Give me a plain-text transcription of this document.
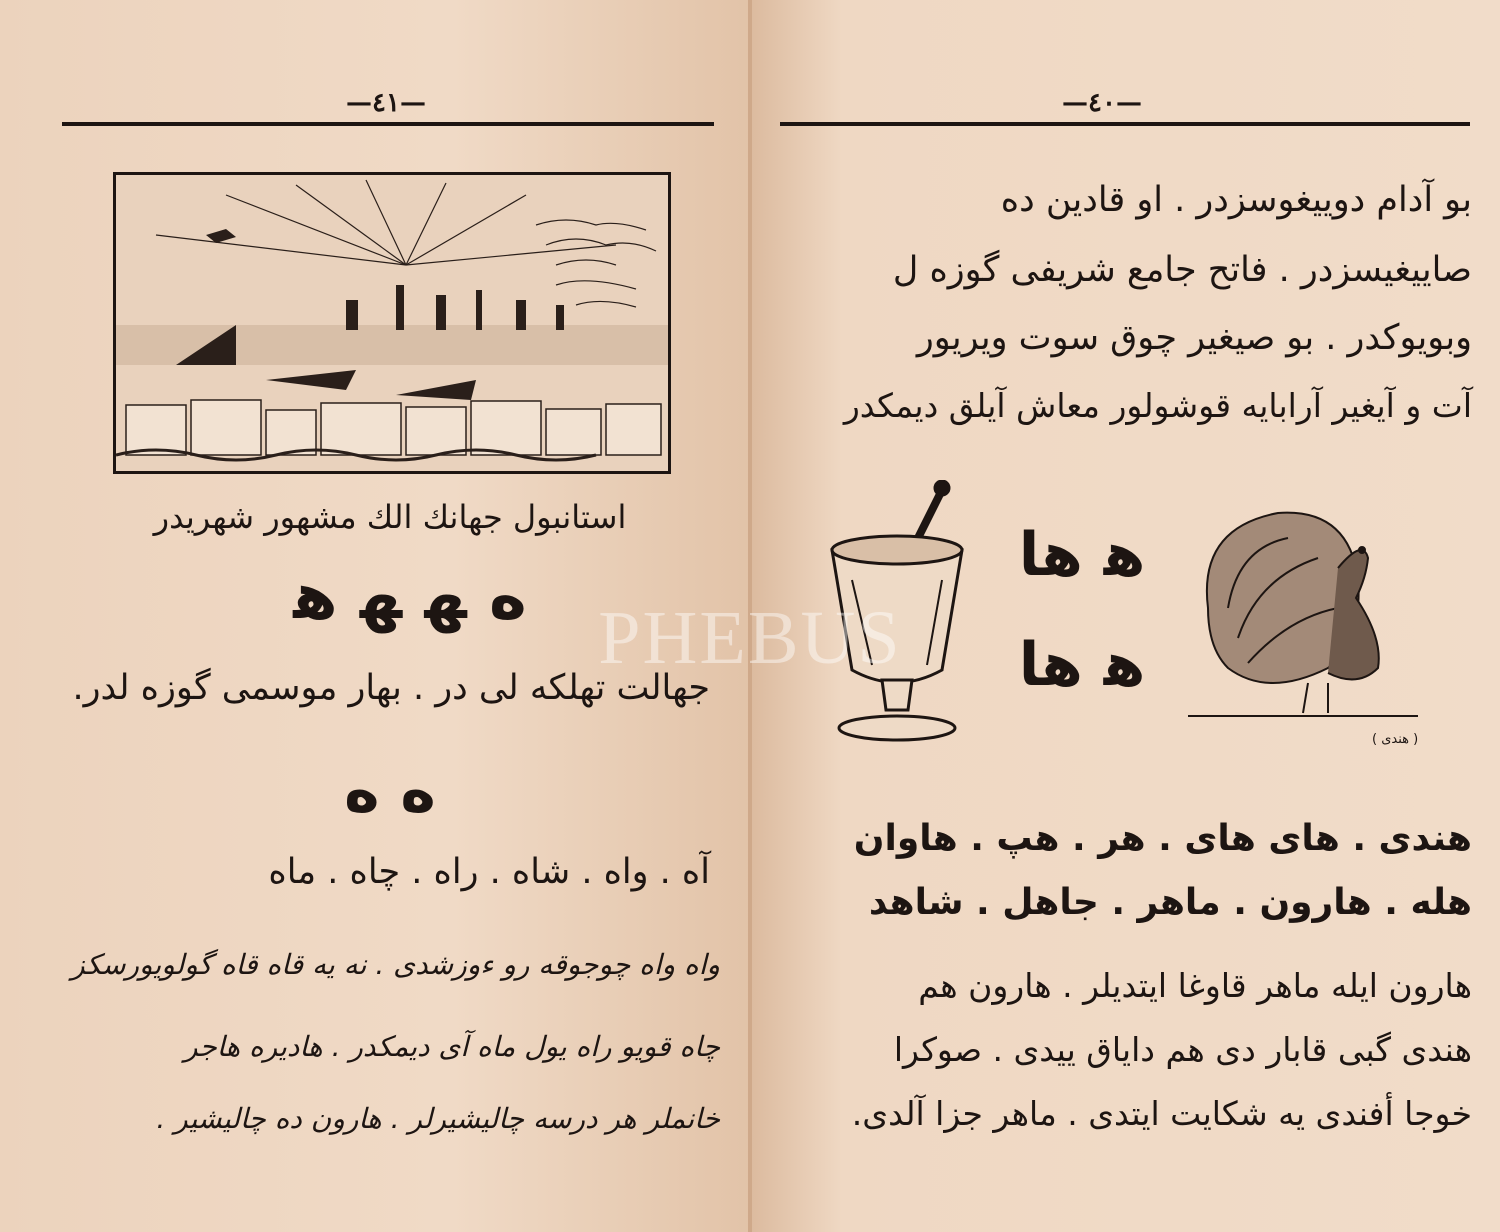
—٤١—
استانبول جهانك الك مشهور شهريدر
ه ﻬ ﻬ ﻫ
جهالت تهلكه لى در . بهار موسمى گوزه لدر.
ه ه
آه . واه . شاه . راه . چاه . ماه
واه واه چوجوقه رو ءوزشدى . نه يه قاه قاه گولويورسكز
چاه قويو راه يول ماه آى ديمكدر . هاديره هاجر
خانملر هر درسه چاليشيرلر . هارون ده چاليشير .
—٤٠—
بو آدام دوييغوسزدر . او قادين ده
صاييغيسزدر . فاتح جامع شريفى گوزه ل
وبويوكدر . بو صيغير چوق سوت ويريور
آت و آيغير آرابايه قوشولور معاش آيلق ديمكدر
ﻫ ﻫﺎ
ﻫ ﻫﺎ
( هندى )
هندى . هاى هاى . هر . هپ . هاوان
هله . هارون . ماهر . جاهل . شاهد
هارون ايله ماهر قاوغا ايتديلر . هارون هم
هندى گبى قابار دى هم داياق ييدى . صوكرا
خوجا أفندى يه شكايت ايتدى . ماهر جزا آلدى.
PHEBUS
